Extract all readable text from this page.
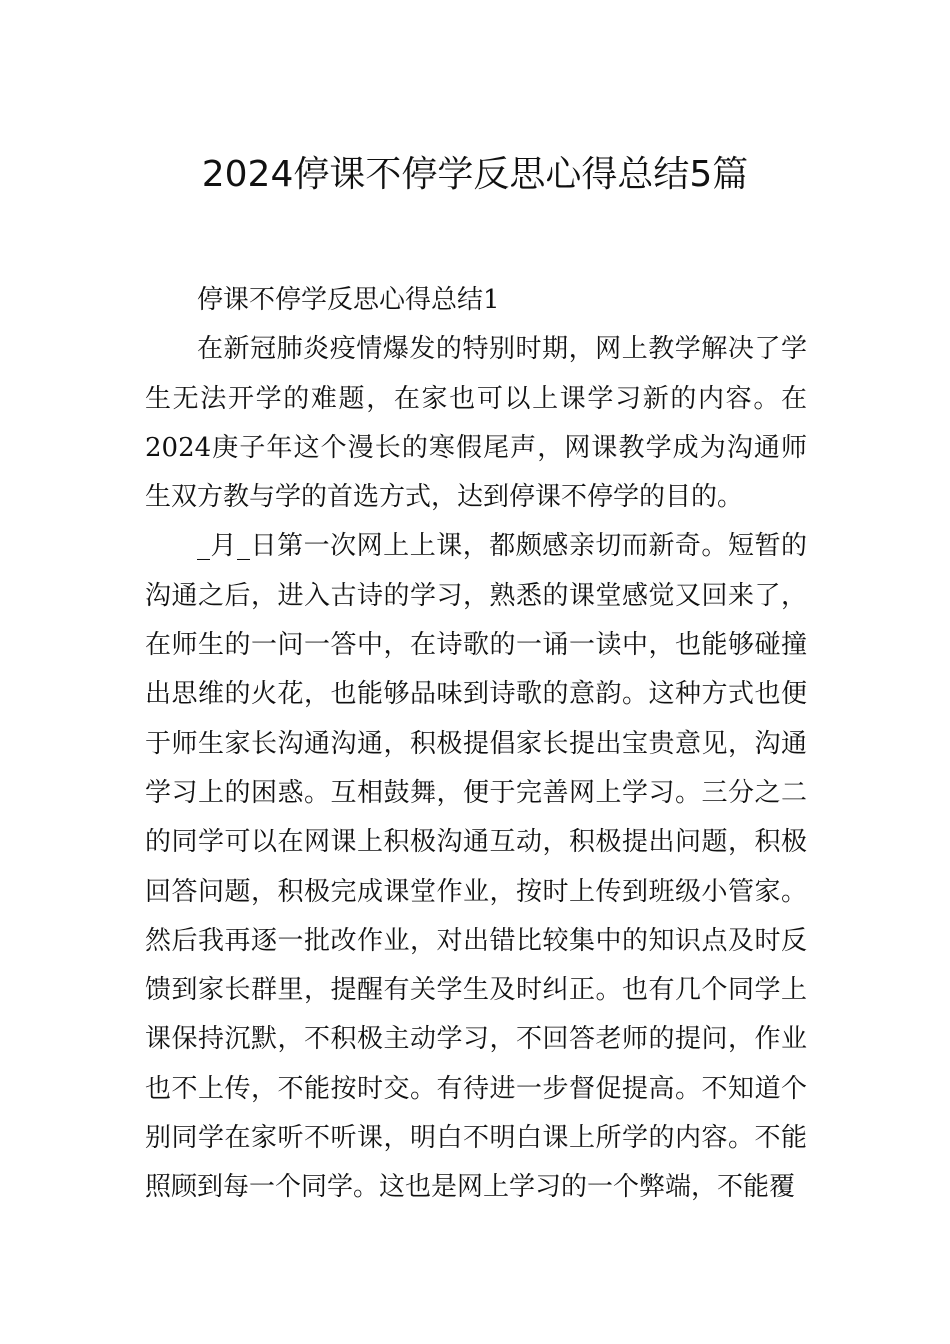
2024停课不停学反思心得总结5篇

停课不停学反思心得总结1

在新冠肺炎疫情爆发的特别时期，网上教学解决了学生无法开学的难题，在家也可以上课学习新的内容。在2024庚子年这个漫长的寒假尾声，网课教学成为沟通师生双方教与学的首选方式，达到停课不停学的目的。

_月_日第一次网上上课，都颇感亲切而新奇。短暂的沟通之后，进入古诗的学习，熟悉的课堂感觉又回来了，在师生的一问一答中，在诗歌的一诵一读中，也能够碰撞出思维的火花，也能够品味到诗歌的意韵。这种方式也便于师生家长沟通沟通，积极提倡家长提出宝贵意见，沟通学习上的困惑。互相鼓舞，便于完善网上学习。三分之二的同学可以在网课上积极沟通互动，积极提出问题，积极回答问题，积极完成课堂作业，按时上传到班级小管家。然后我再逐一批改作业，对出错比较集中的知识点及时反馈到家长群里，提醒有关学生及时纠正。也有几个同学上课保持沉默，不积极主动学习，不回答老师的提问，作业也不上传，不能按时交。有待进一步督促提高。不知道个别同学在家听不听课，明白不明白课上所学的内容。不能照顾到每一个同学。这也是网上学习的一个弊端，不能覆
